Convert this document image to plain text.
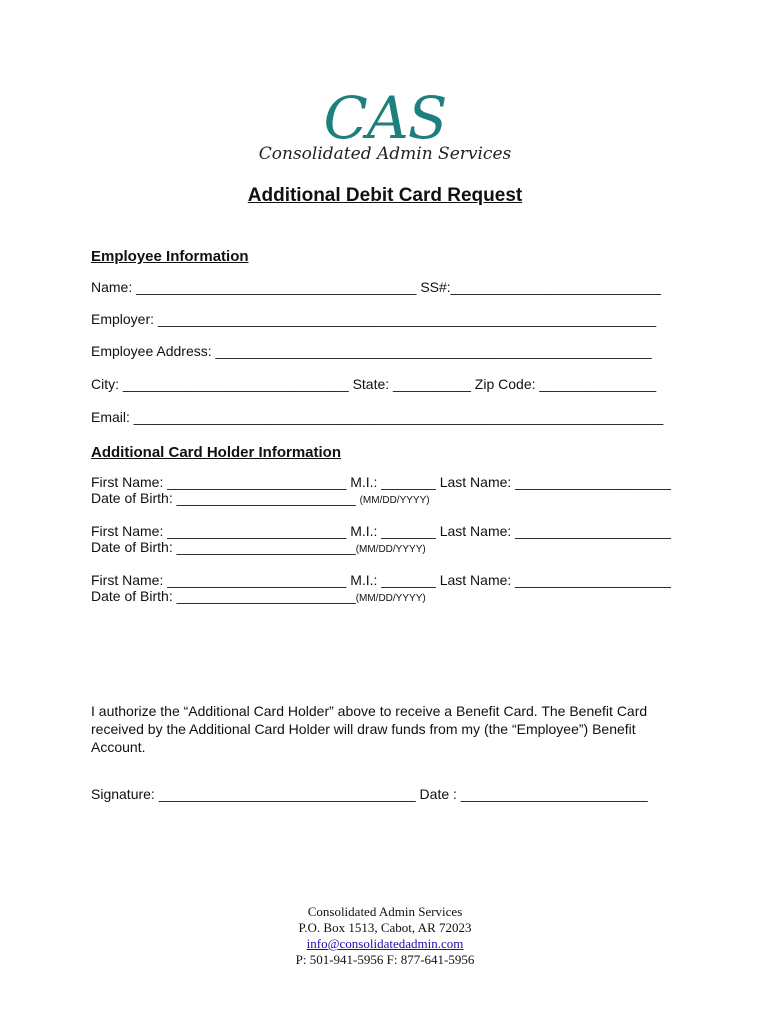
CAS
Consolidated Admin Services
Additional Debit Card Request
Employee Information
Name: ____________________________________ SS#:___________________________
Employer: ________________________________________________________________
Employee Address: ________________________________________________________
City: _____________________________ State: __________ Zip Code: _______________
Email: ____________________________________________________________________
Additional Card Holder Information
First Name: _______________________ M.I.: _______ Last Name: ____________________
Date of Birth: _______________________ (MM/DD/YYYY)
First Name: _______________________ M.I.: _______ Last Name: ____________________
Date of Birth: _______________________(MM/DD/YYYY)
First Name: _______________________ M.I.: _______ Last Name: ____________________
Date of Birth: _______________________(MM/DD/YYYY)
I authorize the “Additional Card Holder” above to receive a Benefit Card. The Benefit Card received by the Additional Card Holder will draw funds from my (the “Employee”) Benefit Account.
Signature: _________________________________ Date : ________________________
Consolidated Admin Services
P.O. Box 1513, Cabot, AR 72023
info@consolidatedadmin.com
P: 501-941-5956 F: 877-641-5956
